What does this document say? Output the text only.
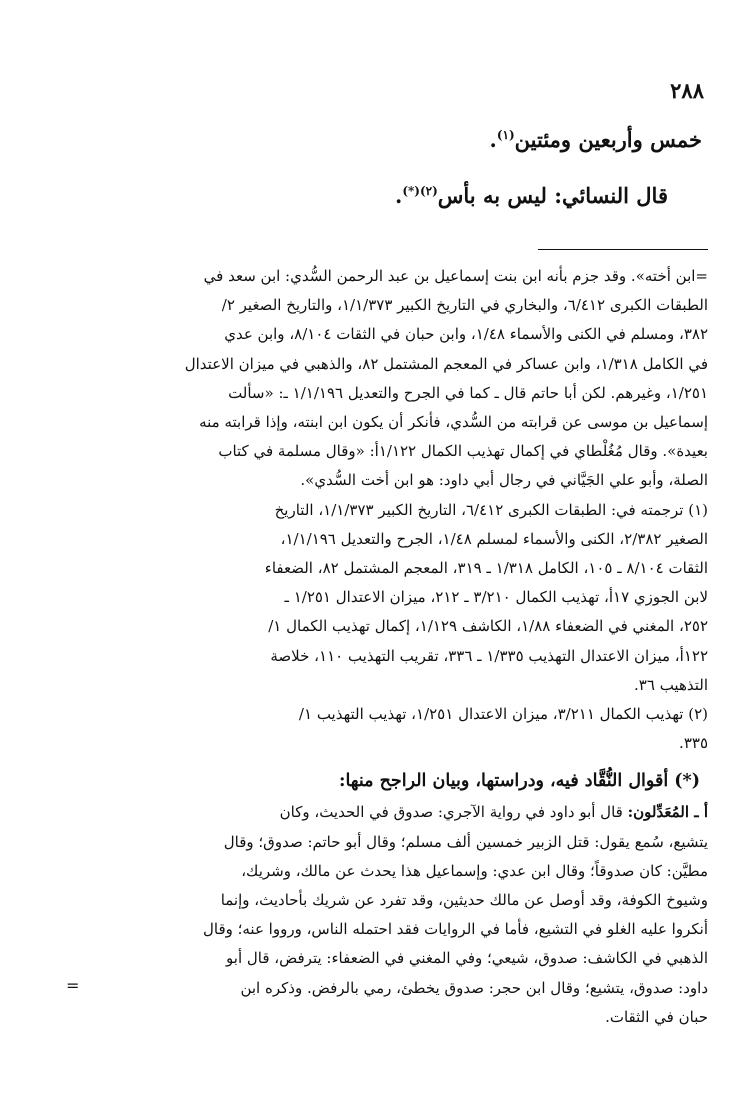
٢٨٨

خمس وأربعين ومئتين$^{(١)}$.

قال النسائي: ليس به بأس$^{(٢)(*)}$.

=ابن أخته». وقد جزم بأنه ابن بنت إسماعيل بن عبد الرحمن السُّدي: ابن سعد في

الطبقات الكبرى ٦/٤١٢، والبخاري في التاريخ الكبير ١/١/٣٧٣، والتاريخ الصغير ٢/

٣٨٢، ومسلم في الكنى والأسماء ١/٤٨، وابن حبان في الثقات ٨/١٠٤، وابن عدي

في الكامل ١/٣١٨، وابن عساكر في المعجم المشتمل ٨٢، والذهبي في ميزان الاعتدال

١/٢٥١، وغيرهم. لكن أبا حاتم قال ـ كما في الجرح والتعديل ١/١/١٩٦ ـ: «سألت

إسماعيل بن موسى عن قرابته من السُّدي، فأنكر أن يكون ابن ابنته، وإذا قرابته منه

بعيدة». وقال مُغُلْطاي في إكمال تهذيب الكمال ١/١٢٢أ: «وقال مسلمة في كتاب

الصلة، وأبو علي الجَيَّاني في رجال أبي داود: هو ابن أخت السُّدي».

(١) ترجمته في: الطبقات الكبرى ٦/٤١٢، التاريخ الكبير ١/١/٣٧٣، التاريخ

الصغير ٢/٣٨٢، الكنى والأسماء لمسلم ١/٤٨، الجرح والتعديل ١/١/١٩٦،

الثقات ٨/١٠٤ ـ ١٠٥، الكامل ١/٣١٨ ـ ٣١٩، المعجم المشتمل ٨٢، الضعفاء

لابن الجوزي ١٧أ، تهذيب الكمال ٣/٢١٠ ـ ٢١٢، ميزان الاعتدال ١/٢٥١ ـ

٢٥٢، المغني في الضعفاء ١/٨٨، الكاشف ١/١٢٩، إكمال تهذيب الكمال ١/

١٢٢أ، ميزان الاعتدال التهذيب ١/٣٣٥ ـ ٣٣٦، تقريب التهذيب ١١٠، خلاصة

التذهيب ٣٦.

(٢) تهذيب الكمال ٣/٢١١، ميزان الاعتدال ١/٢٥١، تهذيب التهذيب ١/

٣٣٥.

(*) أقوال النُّقَّاد فيه، ودراستها، وبيان الراجح منها:

أ ـ المُعَدِّلون: قال أبو داود في رواية الآجري: صدوق في الحديث، وكان

يتشيع، سُمع يقول: قتل الزبير خمسين ألف مسلم؛ وقال أبو حاتم: صدوق؛ وقال

مطيَّن: كان صدوقاً؛ وقال ابن عدي: وإسماعيل هذا يحدث عن مالك، وشريك،

وشيوخ الكوفة، وقد أوصل عن مالك حديثين، وقد تفرد عن شريك بأحاديث، وإنما

أنكروا عليه الغلو في التشيع، فأما في الروايات فقد احتمله الناس، ورووا عنه؛ وقال

الذهبي في الكاشف: صدوق، شيعي؛ وفي المغني في الضعفاء: يترفض، قال أبو

داود: صدوق، يتشيع؛ وقال ابن حجر: صدوق يخطئ، رمي بالرفض. وذكره ابن

حبان في الثقات.

=
